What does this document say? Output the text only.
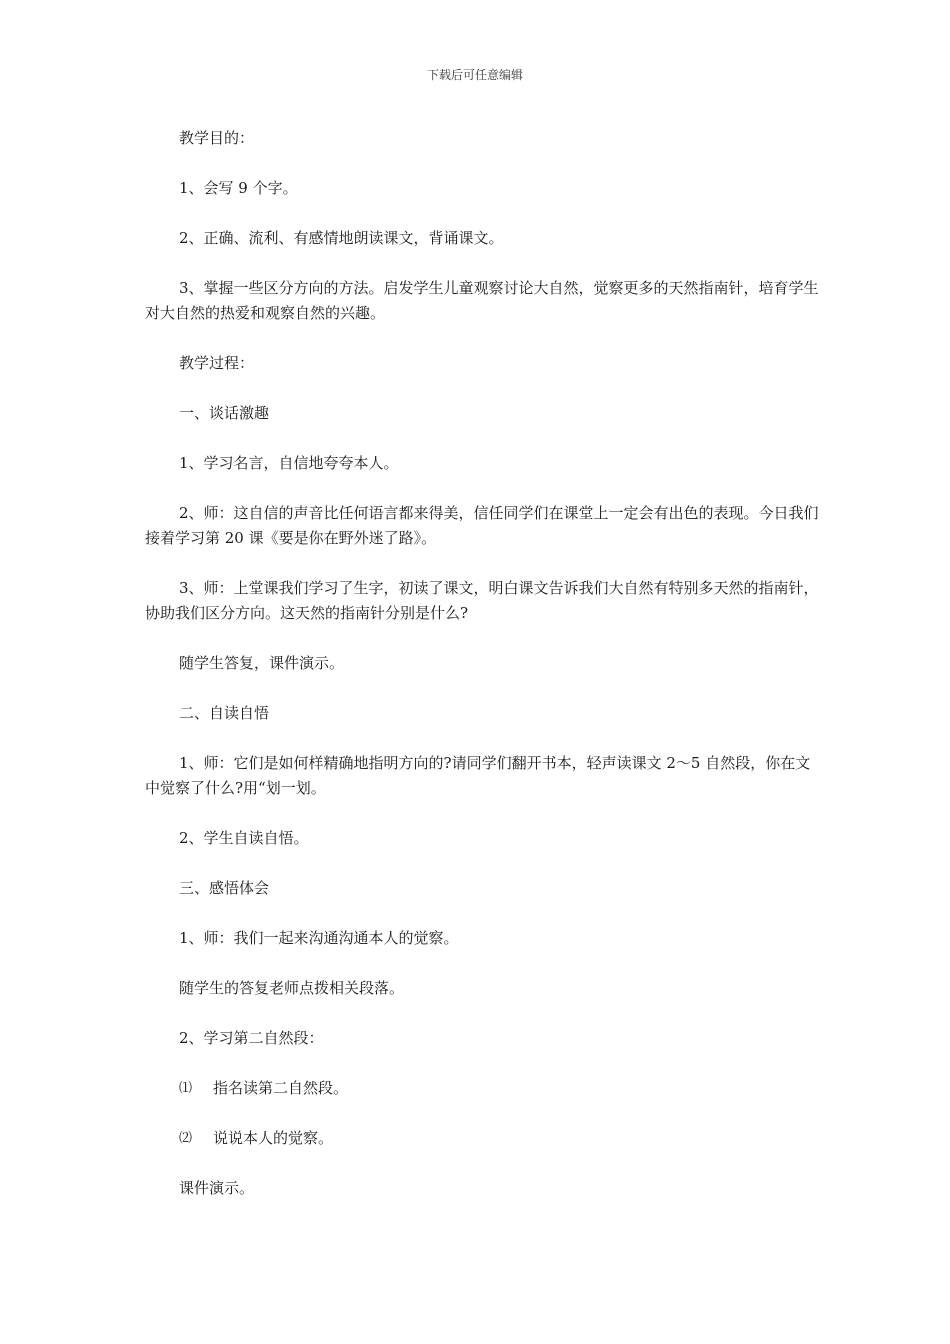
下载后可任意编辑

教学目的：

1、会写 9 个字。

2、正确、流利、有感情地朗读课文，背诵课文。

3、掌握一些区分方向的方法。启发学生儿童观察讨论大自然，觉察更多的天然指南针，培育学生对大自然的热爱和观察自然的兴趣。

教学过程：

一、谈话激趣

1、学习名言，自信地夸夸本人。

2、师：这自信的声音比任何语言都来得美，信任同学们在课堂上一定会有出色的表现。今日我们接着学习第 20 课《要是你在野外迷了路》。

3、师：上堂课我们学习了生字，初读了课文，明白课文告诉我们大自然有特别多天然的指南针，协助我们区分方向。这天然的指南针分别是什么?

随学生答复，课件演示。

二、自读自悟

1、师：它们是如何样精确地指明方向的?请同学们翻开书本，轻声读课文 2～5 自然段，你在文中觉察了什么?用“划一划。

2、学生自读自悟。

三、感悟体会

1、师：我们一起来沟通沟通本人的觉察。

随学生的答复老师点拨相关段落。

2、学习第二自然段：

⑴	指名读第二自然段。
⑵	说说本人的觉察。

课件演示。
